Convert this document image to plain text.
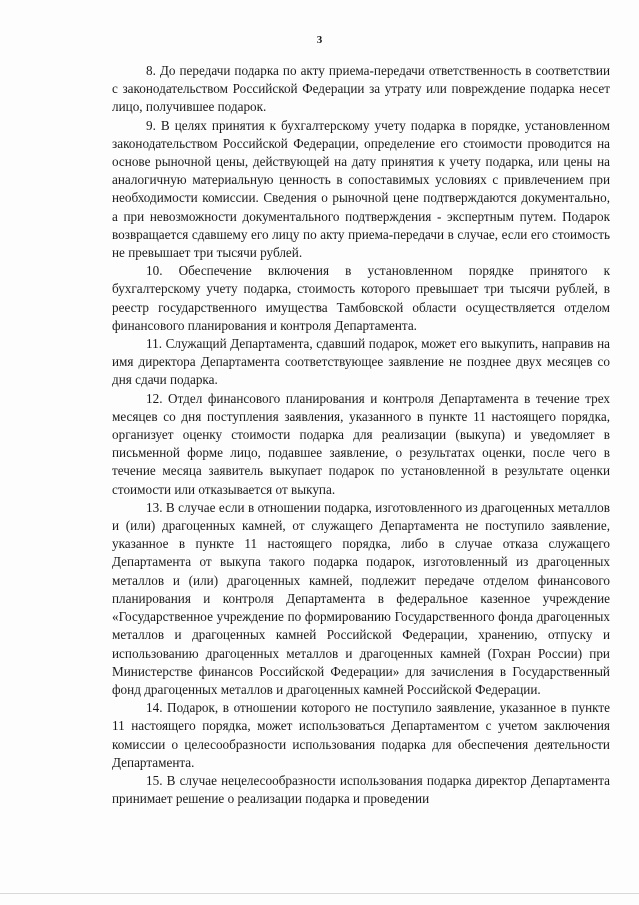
3

8. До передачи подарка по акту приема-передачи ответственность в соответствии с законодательством Российской Федерации за утрату или повреждение подарка несет лицо, получившее подарок.

9. В целях принятия к бухгалтерскому учету подарка в порядке, установленном законодательством Российской Федерации, определение его стоимости проводится на основе рыночной цены, действующей на дату принятия к учету подарка, или цены на аналогичную материальную ценность в сопоставимых условиях с привлечением при необходимости комиссии. Сведения о рыночной цене подтверждаются документально, а при невозможности документального подтверждения - экспертным путем. Подарок возвращается сдавшему его лицу по акту приема-передачи в случае, если его стоимость не превышает три тысячи рублей.

10. Обеспечение включения в установленном порядке принятого к бухгалтерскому учету подарка, стоимость которого превышает три тысячи рублей, в реестр государственного имущества Тамбовской области осуществляется отделом финансового планирования и контроля Департамента.

11. Служащий Департамента, сдавший подарок, может его выкупить, направив на имя директора Департамента соответствующее заявление не позднее двух месяцев со дня сдачи подарка.

12. Отдел финансового планирования и контроля Департамента в течение трех месяцев со дня поступления заявления, указанного в пункте 11 настоящего порядка, организует оценку стоимости подарка для реализации (выкупа) и уведомляет в письменной форме лицо, подавшее заявление, о результатах оценки, после чего в течение месяца заявитель выкупает подарок по установленной в результате оценки стоимости или отказывается от выкупа.

13. В случае если в отношении подарка, изготовленного из драгоценных металлов и (или) драгоценных камней, от служащего Департамента не поступило заявление, указанное в пункте 11 настоящего порядка, либо в случае отказа служащего Департамента от выкупа такого подарка подарок, изготовленный из драгоценных металлов и (или) драгоценных камней, подлежит передаче отделом финансового планирования и контроля Департамента в федеральное казенное учреждение «Государственное учреждение по формированию Государственного фонда драгоценных металлов и драгоценных камней Российской Федерации, хранению, отпуску и использованию драгоценных металлов и драгоценных камней (Гохран России) при Министерстве финансов Российской Федерации» для зачисления в Государственный фонд драгоценных металлов и драгоценных камней Российской Федерации.

14. Подарок, в отношении которого не поступило заявление, указанное в пункте 11 настоящего порядка, может использоваться Департаментом с учетом заключения комиссии о целесообразности использования подарка для обеспечения деятельности Департамента.

15. В случае нецелесообразности использования подарка директор Департамента принимает решение о реализации подарка и проведении
